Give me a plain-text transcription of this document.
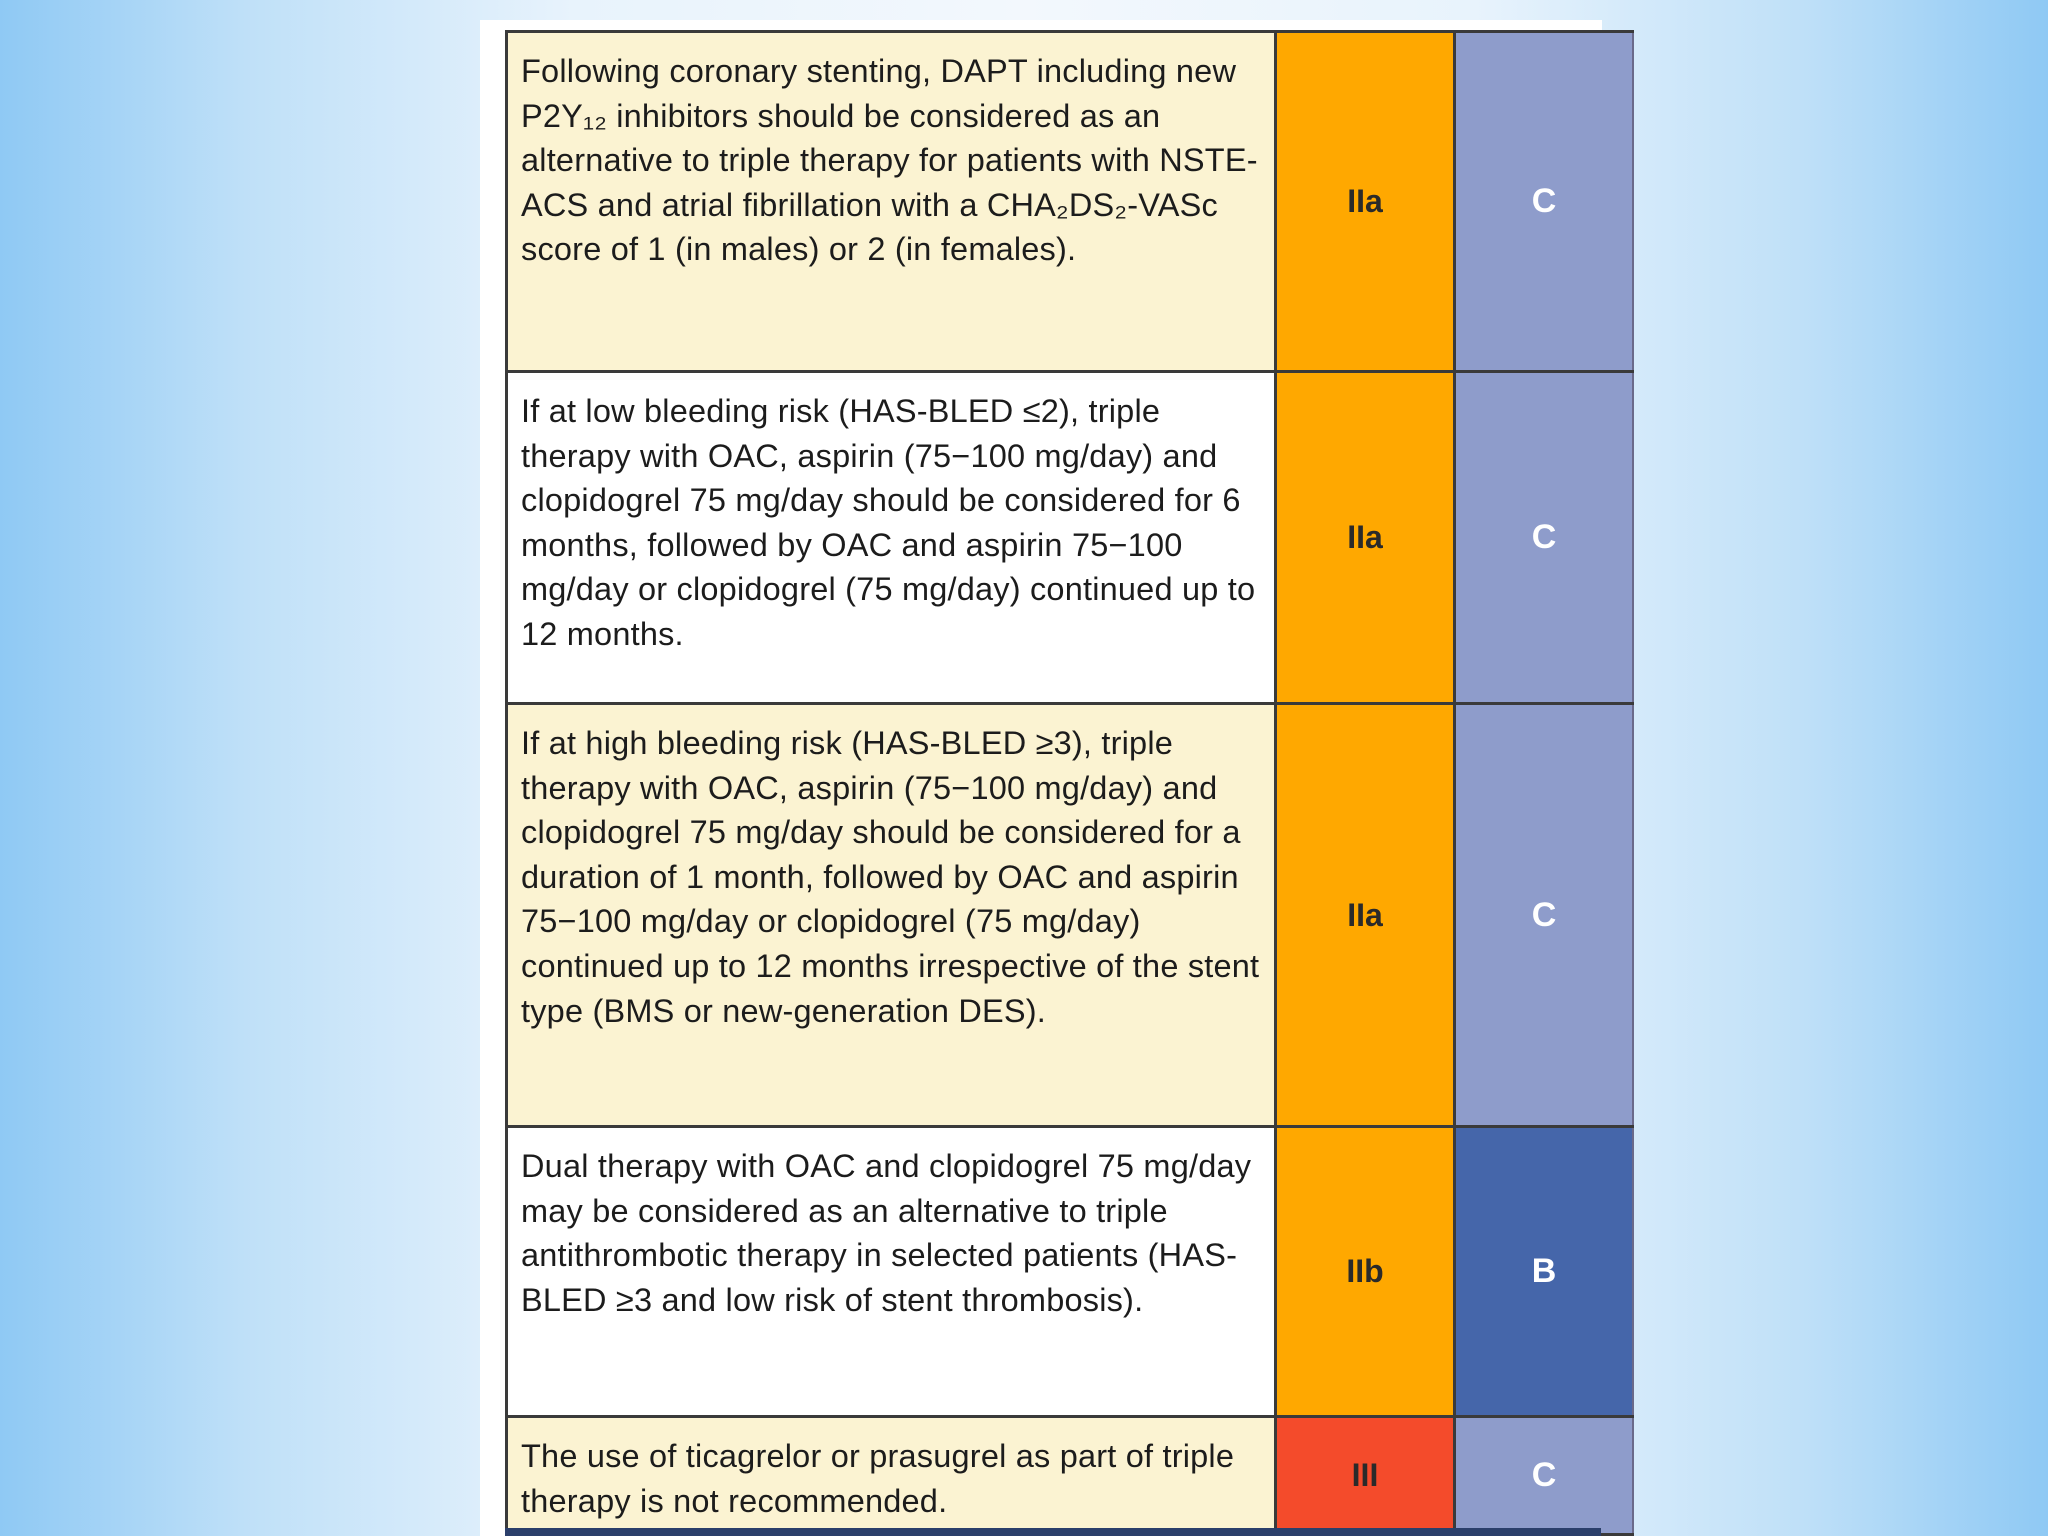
Following coronary stenting, DAPT including new P2Y₁₂ inhibitors should be considered as an alternative to triple therapy for patients with NSTE-ACS and atrial fibrillation with a CHA₂DS₂-VASc score of 1 (in males) or 2 (in females).	IIa	C
If at low bleeding risk (HAS-BLED ≤2), triple therapy with OAC, aspirin (75−100 mg/day) and clopidogrel 75 mg/day should be considered for 6 months, followed by OAC and aspirin 75−100 mg/day or clopidogrel (75 mg/day) continued up to 12 months.	IIa	C
If at high bleeding risk (HAS-BLED ≥3), triple therapy with OAC, aspirin (75−100 mg/day) and clopidogrel 75 mg/day should be considered for a duration of 1 month, followed by OAC and aspirin 75−100 mg/day or clopidogrel (75 mg/day) continued up to 12 months irrespective of the stent type (BMS or new-generation DES).	IIa	C
Dual therapy with OAC and clopidogrel 75 mg/day may be considered as an alternative to triple antithrombotic therapy in selected patients (HAS-BLED ≥3 and low risk of stent thrombosis).	IIb	B
The use of ticagrelor or prasugrel as part of triple therapy is not recommended.	III	C
